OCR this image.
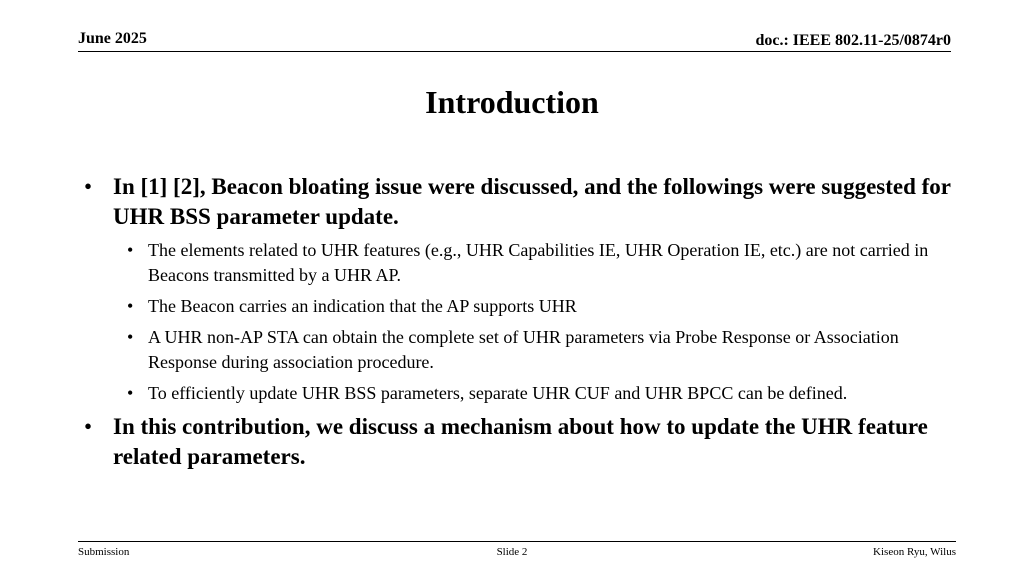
June 2025	doc.: IEEE 802.11-25/0874r0
Introduction
• In [1] [2], Beacon bloating issue were discussed, and the followings were suggested for UHR BSS parameter update.
• The elements related to UHR features (e.g., UHR Capabilities IE, UHR Operation IE, etc.) are not carried in Beacons transmitted by a UHR AP.
• The Beacon carries an indication that the AP supports UHR
• A UHR non-AP STA can obtain the complete set of UHR parameters via Probe Response or Association Response during association procedure.
• To efficiently update UHR BSS parameters, separate UHR CUF and UHR BPCC can be defined.
• In this contribution, we discuss a mechanism about how to update the UHR feature related parameters.
Submission	Slide 2	Kiseon Ryu, Wilus
